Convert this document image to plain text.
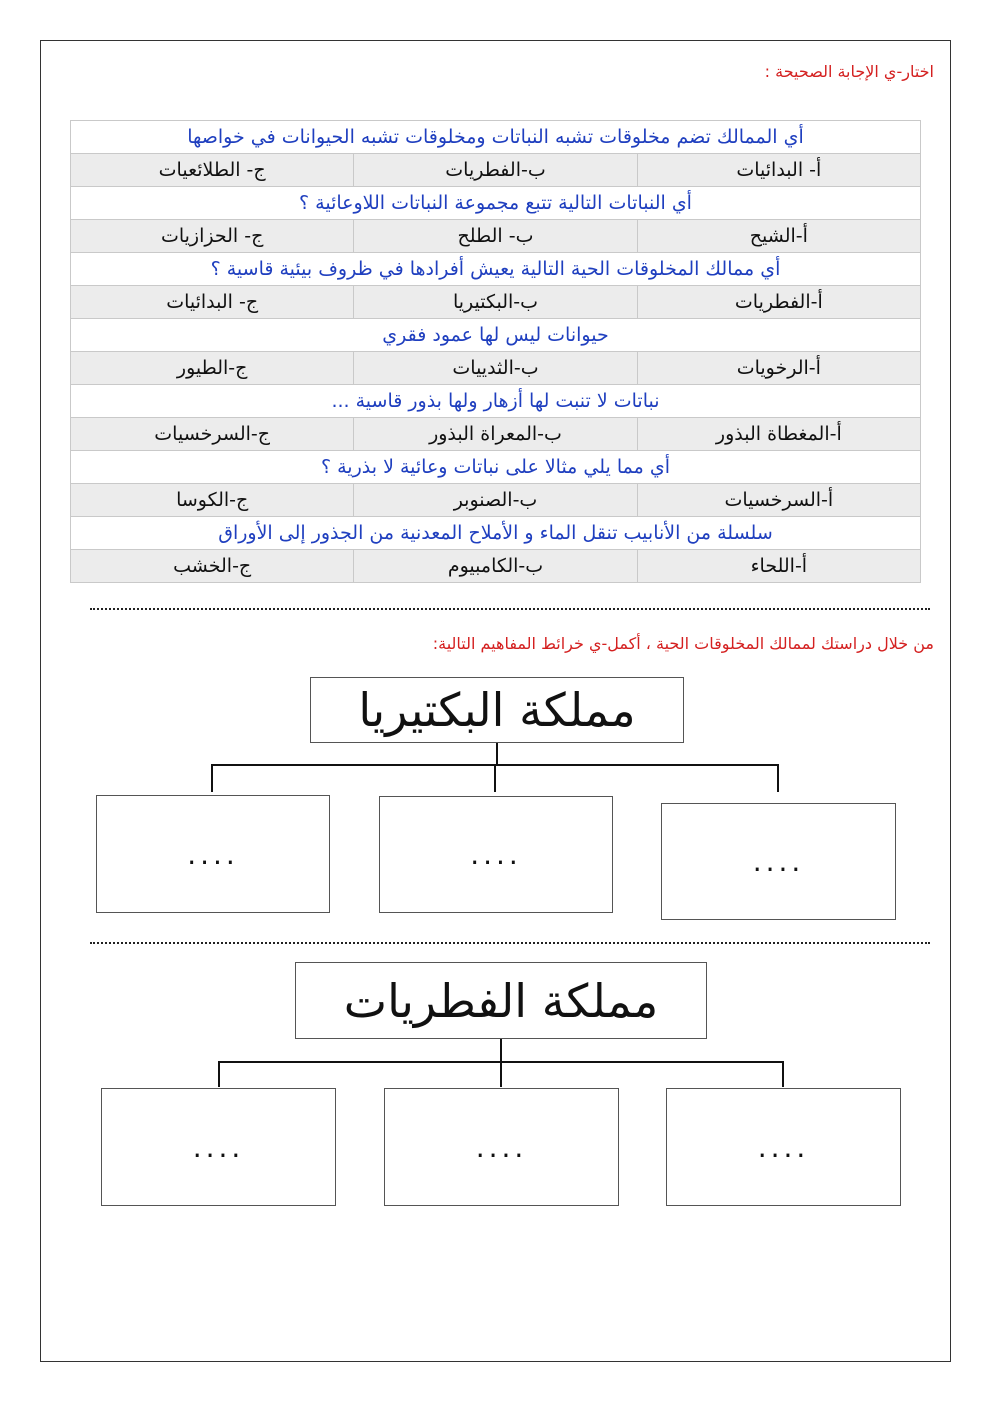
اختار-ي الإجابة الصحيحة :
أي الممالك تضم مخلوقات تشبه النباتات ومخلوقات تشبه الحيوانات في خواصها		
أ- البدائيات	ب-الفطريات	ج- الطلائعيات
أي النباتات التالية تتبع مجموعة النباتات اللاوعائية ؟		
أ-الشيح	ب- الطلح	ج- الحزازيات
أي ممالك المخلوقات الحية التالية يعيش أفرادها في ظروف بيئية قاسية ؟		
أ-الفطريات	ب-البكتيريا	ج- البدائيات
حيوانات ليس لها عمود فقري		
أ-الرخويات	ب-الثدييات	ج-الطيور
نباتات لا تنبت لها أزهار ولها بذور قاسية ...		
أ-المغطاة البذور	ب-المعراة البذور	ج-السرخسيات
أي مما يلي مثالا على نباتات وعائية لا بذرية ؟		
أ-السرخسيات	ب-الصنوبر	ج-الكوسا
سلسلة من الأنابيب تنقل الماء و الأملاح المعدنية من الجذور إلى الأوراق		
أ-اللحاء	ب-الكامبيوم	ج-الخشب
من خلال دراستك لممالك المخلوقات الحية ، أكمل-ي خرائط المفاهيم التالية:
مملكة البكتيريا
....	....	....
مملكة الفطريات
....	....	....
